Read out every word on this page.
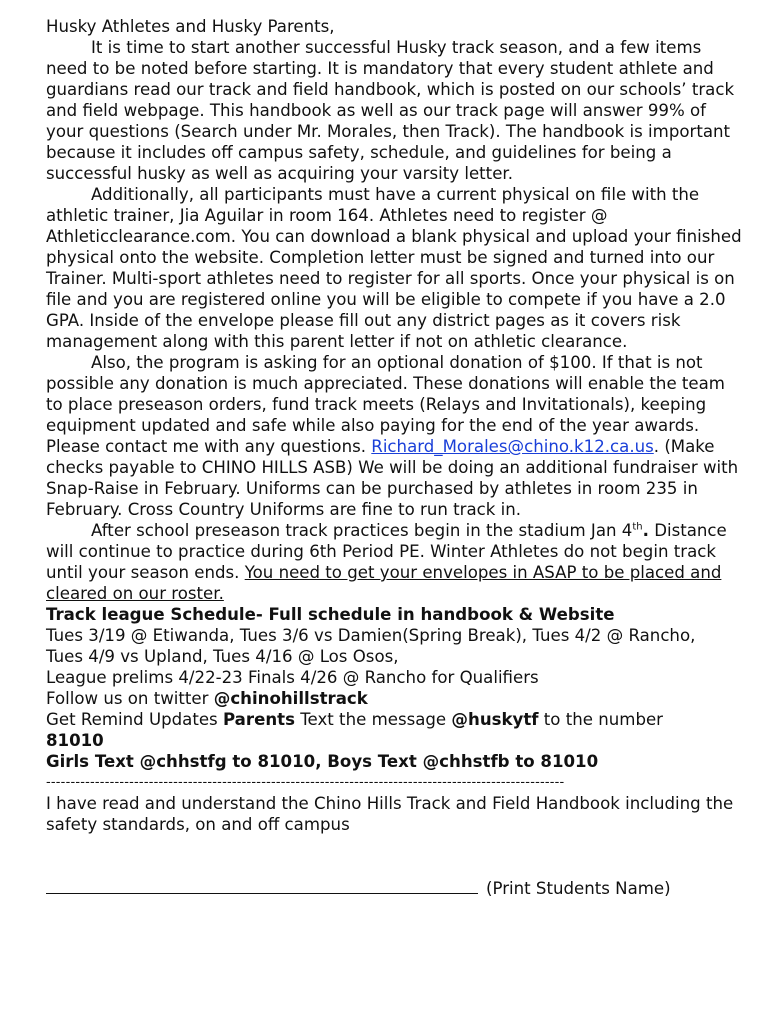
Husky Athletes and Husky Parents,

It is time to start another successful Husky track season, and a few items need to be noted before starting. It is mandatory that every student athlete and guardians read our track and field handbook, which is posted on our schools’ track and field webpage. This handbook as well as our track page will answer 99% of your questions (Search under Mr. Morales, then Track). The handbook is important because it includes off campus safety, schedule, and guidelines for being a successful husky as well as acquiring your varsity letter.

Additionally, all participants must have a current physical on file with the athletic trainer, Jia Aguilar in room 164. Athletes need to register @ Athleticclearance.com. You can download a blank physical and upload your finished physical onto the website. Completion letter must be signed and turned into our Trainer. Multi-sport athletes need to register for all sports. Once your physical is on file and you are registered online you will be eligible to compete if you have a 2.0 GPA. Inside of the envelope please fill out any district pages as it covers risk management along with this parent letter if not on athletic clearance.

Also, the program is asking for an optional donation of $100. If that is not possible any donation is much appreciated. These donations will enable the team to place preseason orders, fund track meets (Relays and Invitationals), keeping equipment updated and safe while also paying for the end of the year awards. Please contact me with any questions. Richard_Morales@chino.k12.ca.us. (Make checks payable to CHINO HILLS ASB) We will be doing an additional fundraiser with Snap-Raise in February. Uniforms can be purchased by athletes in room 235 in February. Cross Country Uniforms are fine to run track in.

After school preseason track practices begin in the stadium Jan 4th. Distance will continue to practice during 6th Period PE. Winter Athletes do not begin track until your season ends. You need to get your envelopes in ASAP to be placed and cleared on our roster.

Track league Schedule- Full schedule in handbook & Website

Tues 3/19 @ Etiwanda, Tues 3/6 vs Damien(Spring Break), Tues 4/2 @ Rancho,

Tues 4/9 vs Upland, Tues 4/16 @ Los Osos,

League prelims 4/22-23 Finals 4/26 @ Rancho for Qualifiers

Follow us on twitter @chinohillstrack

Get Remind Updates Parents Text the message @huskytf to the number
81010

Girls Text @chhstfg to 81010, Boys Text @chhstfb to 81010

----------------------------------------------------------------------------------------------------------

I have read and understand the Chino Hills Track and Field Handbook including the safety standards, on and off campus

(Print Students Name)
